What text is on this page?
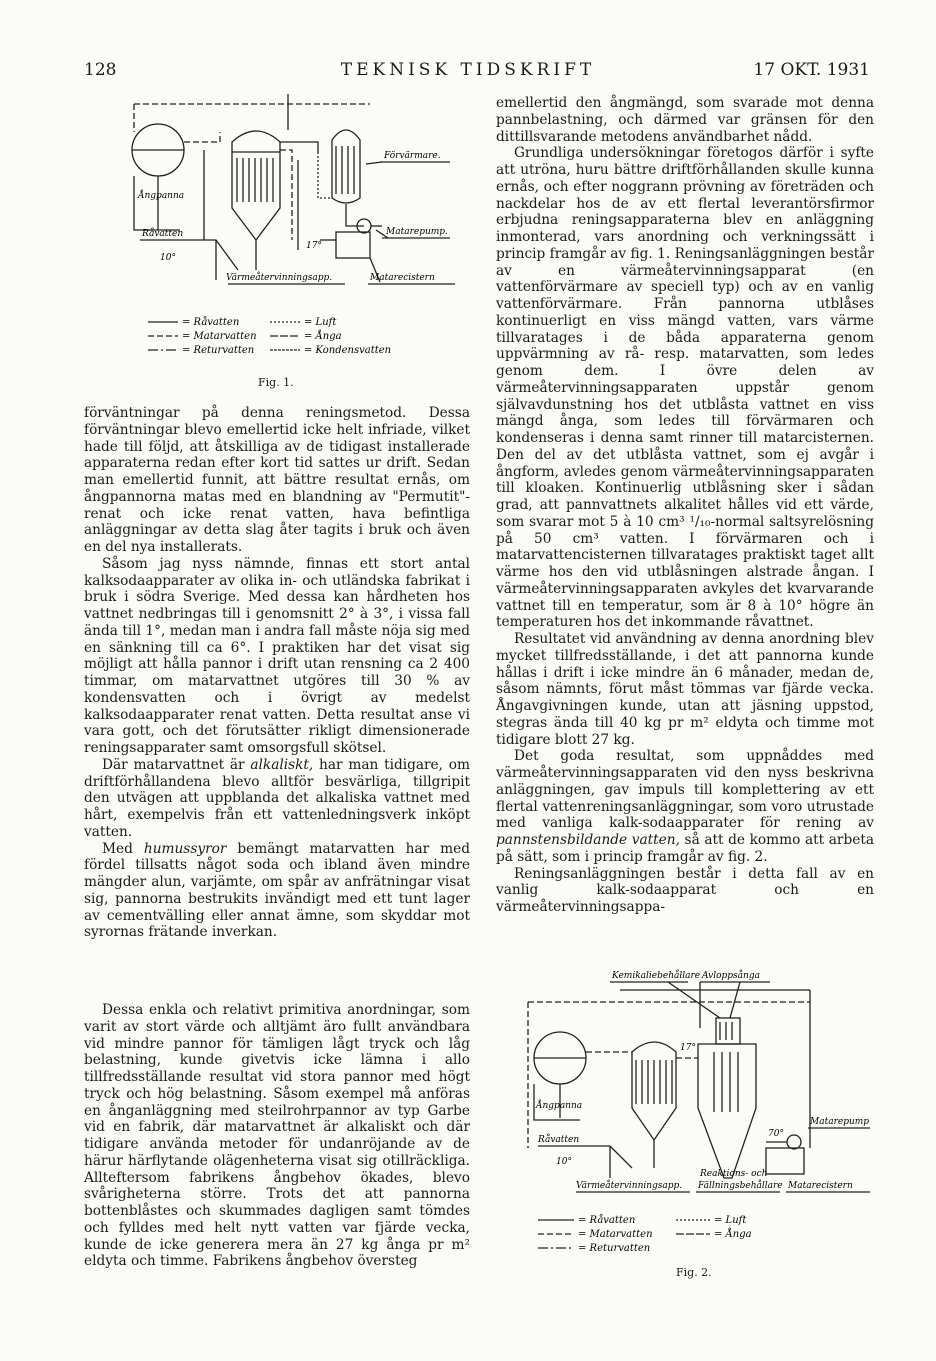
128	TEKNISK TIDSKRIFT	17 OKT. 1931
Förvärmare.
Matarepump.
Ångpanna
Råvatten
10°
17°
Värmeåtervinningsapp.	Matarecistern
= Råvatten	= Luft
= Matarvatten	= Ånga
= Returvatten	= Kondensvatten
Fig. 1.

förväntningar på denna reningsmetod. Dessa förväntningar blevo emellertid icke helt infriade, vilket hade till följd, att åtskilliga av de tidigast installerade apparaterna redan efter kort tid sattes ur drift. Sedan man emellertid funnit, att bättre resultat ernås, om ångpannorna matas med en blandning av "Permutit"-renat och icke renat vatten, hava befintliga anläggningar av detta slag åter tagits i bruk och även en del nya installerats.

Såsom jag nyss nämnde, finnas ett stort antal kalksodaapparater av olika in- och utländska fabrikat i bruk i södra Sverige. Med dessa kan hårdheten hos vattnet nedbringas till i genomsnitt 2° à 3°, i vissa fall ända till 1°, medan man i andra fall måste nöja sig med en sänkning till ca 6°. I praktiken har det visat sig möjligt att hålla pannor i drift utan rensning ca 2 400 timmar, om matarvattnet utgöres till 30 % av kondensvatten och i övrigt av medelst kalksodaapparater renat vatten. Detta resultat anse vi vara gott, och det förutsätter rikligt dimensionerade reningsapparater samt omsorgsfull skötsel.

Där matarvattnet är alkaliskt, har man tidigare, om driftförhållandena blevo alltför besvärliga, tillgripit den utvägen att uppblanda det alkaliska vattnet med hårt, exempelvis från ett vattenledningsverk inköpt vatten.

Med humussyror bemängt matarvatten har med fördel tillsatts något soda och ibland även mindre mängder alun, varjämte, om spår av anfrätningar visat sig, pannorna bestrukits invändigt med ett tunt lager av cementvälling eller annat ämne, som skyddar mot syrornas frätande inverkan.

Dessa enkla och relativt primitiva anordningar, som varit av stort värde och alltjämt äro fullt användbara vid mindre pannor för tämligen lågt tryck och låg belastning, kunde givetvis icke lämna i allo tillfredsställande resultat vid stora pannor med högt tryck och hög belastning. Såsom exempel må anföras en ånganläggning med steilrohrpannor av typ Garbe vid en fabrik, där matarvattnet är alkaliskt och där tidigare använda metoder för undanröjande av de härur härflytande olägenheterna visat sig otillräckliga. Allteftersom fabrikens ångbehov ökades, blevo svårigheterna större. Trots det att pannorna bottenblåstes och skummades dagligen samt tömdes och fylldes med helt nytt vatten var fjärde vecka, kunde de icke generera mera än 27 kg ånga pr m² eldyta och timme. Fabrikens ångbehov översteg

emellertid den ångmängd, som svarade mot denna pannbelastning, och därmed var gränsen för den dittillsvarande metodens användbarhet nådd.

Grundliga undersökningar företogos därför i syfte att utröna, huru bättre driftförhållanden skulle kunna ernås, och efter noggrann prövning av företräden och nackdelar hos de av ett flertal leverantörsfirmor erbjudna reningsapparaterna blev en anläggning inmonterad, vars anordning och verkningssätt i princip framgår av fig. 1. Reningsanläggningen består av en värmeåtervinningsapparat (en vattenförvärmare av speciell typ) och av en vanlig vattenförvärmare. Från pannorna utblåses kontinuerligt en viss mängd vatten, vars värme tillvaratages i de båda apparaterna genom uppvärmning av rå- resp. matarvatten, som ledes genom dem. I övre delen av värmeåtervinningsapparaten uppstår genom självavdunstning hos det utblåsta vattnet en viss mängd ånga, som ledes till förvärmaren och kondenseras i denna samt rinner till matarcisternen. Den del av det utblåsta vattnet, som ej avgår i ångform, avledes genom värmeåtervinningsapparaten till kloaken. Kontinuerlig utblåsning sker i sådan grad, att pannvattnets alkalitet hålles vid ett värde, som svarar mot 5 à 10 cm³ ¹/₁₀-normal saltsyrelösning på 50 cm³ vatten. I förvärmaren och i matarvattencisternen tillvaratages praktiskt taget allt värme hos den vid utblåsningen alstrade ångan. I värmeåtervinningsapparaten avkyles det kvarvarande vattnet till en temperatur, som är 8 à 10° högre än temperaturen hos det inkommande råvattnet.

Resultatet vid användning av denna anordning blev mycket tillfredsställande, i det att pannorna kunde hållas i drift i icke mindre än 6 månader, medan de, såsom nämnts, förut måst tömmas var fjärde vecka. Ångavgivningen kunde, utan att jäsning uppstod, stegras ända till 40 kg pr m² eldyta och timme mot tidigare blott 27 kg.

Det goda resultat, som uppnåddes med värmeåtervinningsapparaten vid den nyss beskrivna anläggningen, gav impuls till komplettering av ett flertal vattenreningsanläggningar, som voro utrustade med vanliga kalk-sodaapparater för rening av pannstensbildande vatten, så att de kommo att arbeta på sätt, som i princip framgår av fig. 2.

Reningsanläggningen består i detta fall av en vanlig kalk-sodaapparat och en värmeåtervinningsappa-

Kemikaliebehållare Avloppsånga
Ångpanna
Råvatten
10°
17°
70°
Matarepump
Värmeåtervinningsapp.
Reaktions- och
Fällningsbehållare Matarecistern
= Råvatten	= Luft
= Matarvatten	= Ånga
= Returvatten
Fig. 2.
